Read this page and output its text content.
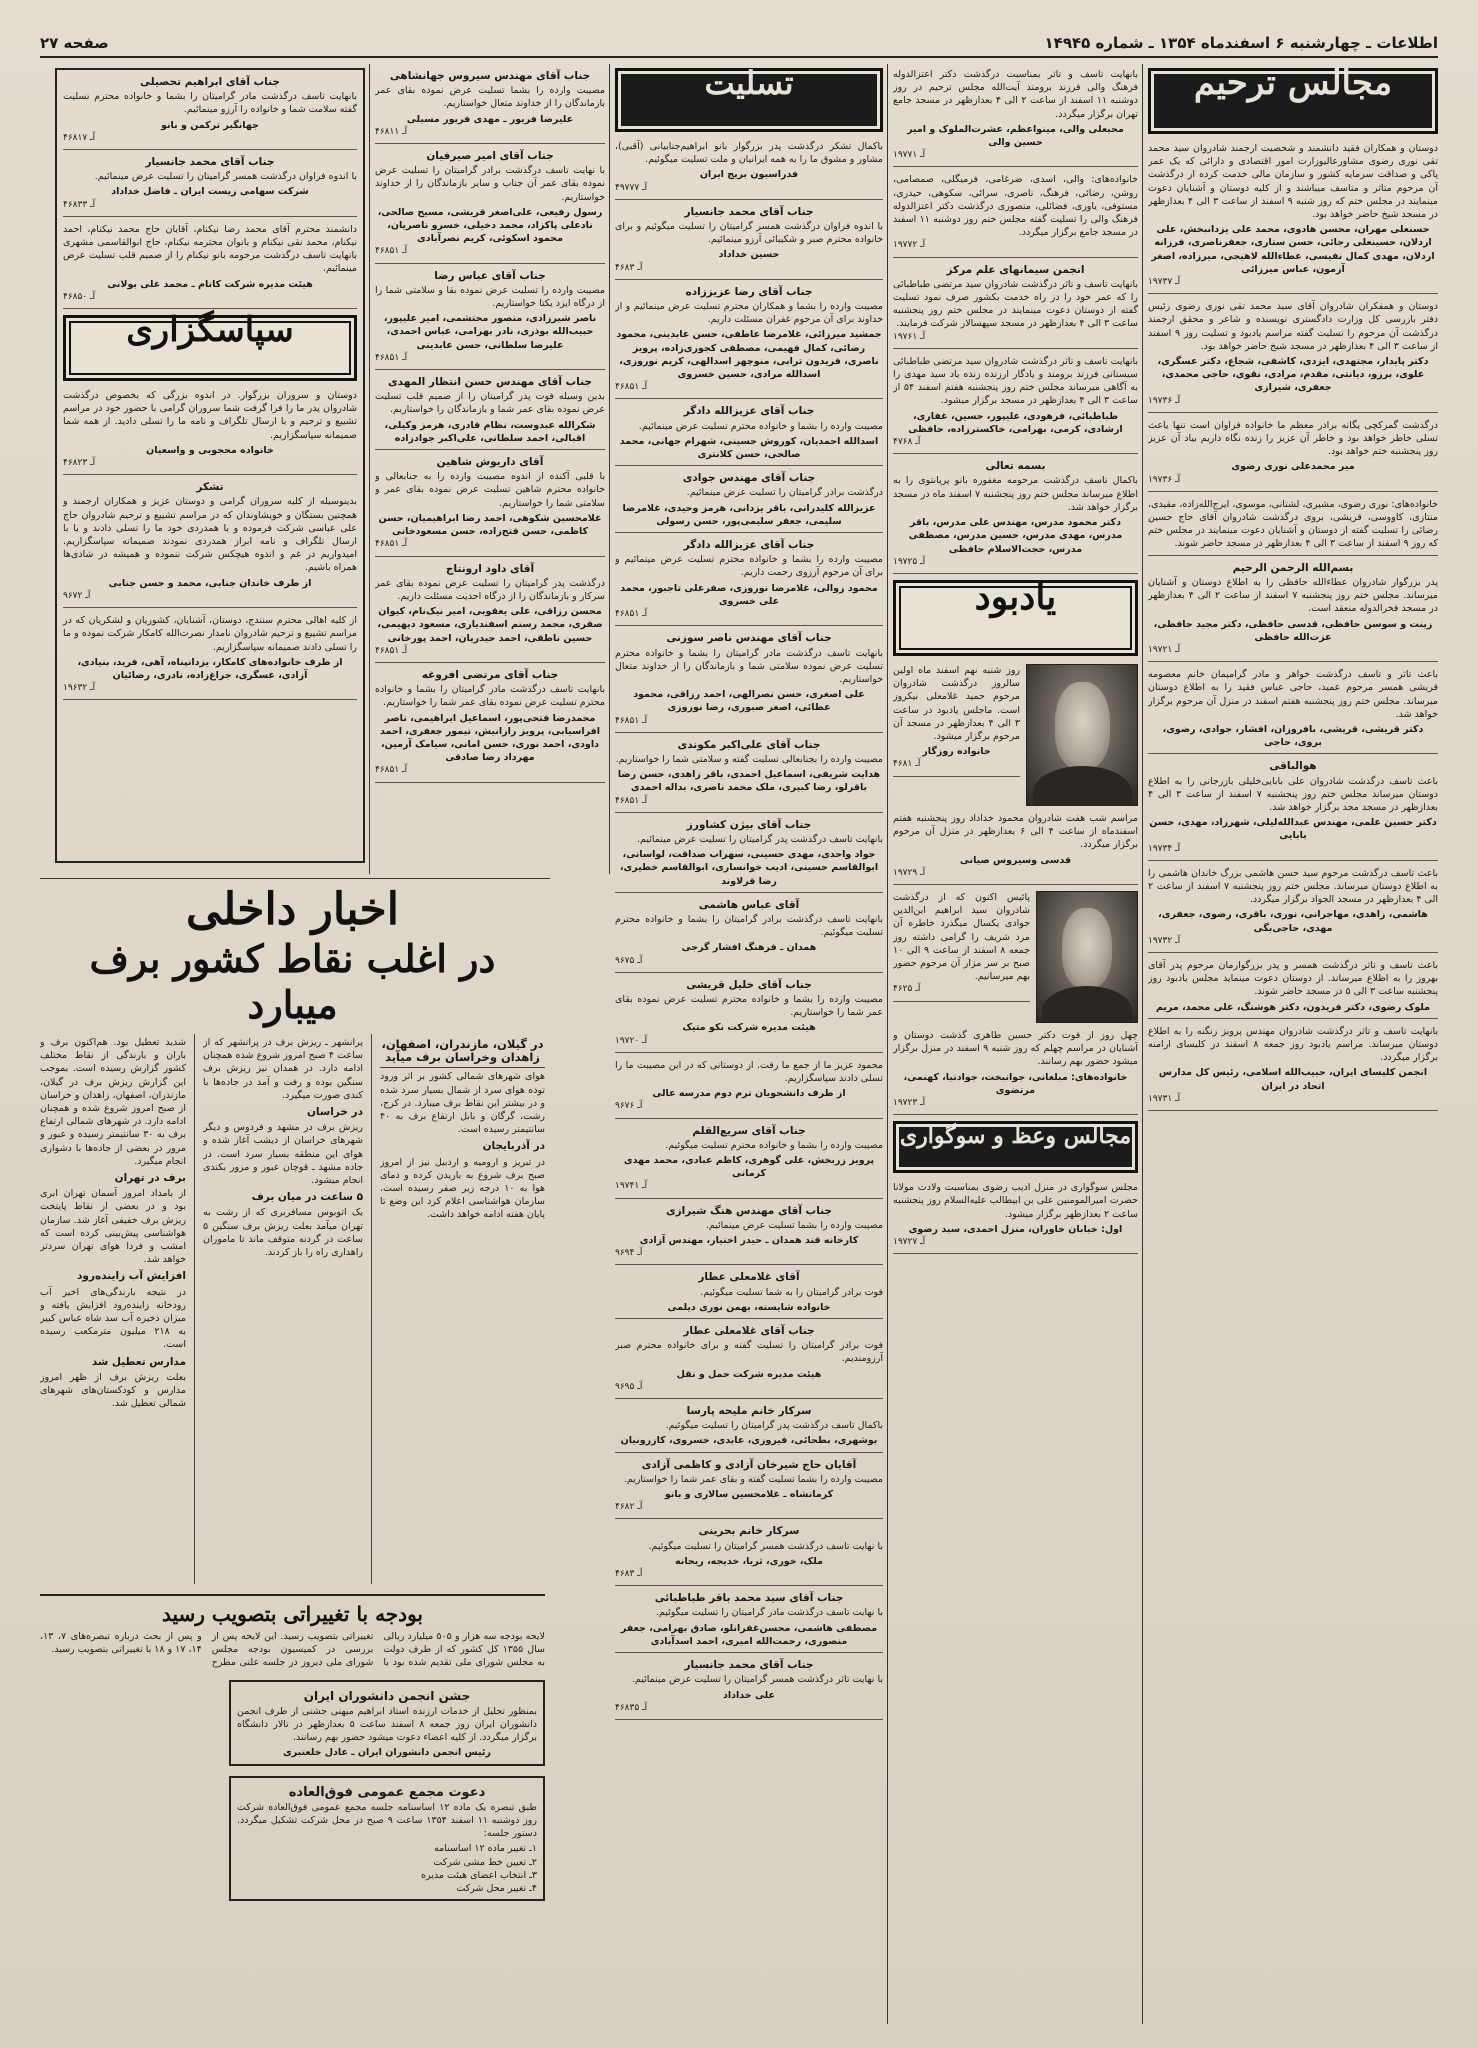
اطلاعات ـ چهارشنبه ۶ اسفندماه ۱۳۵۴ ـ شماره ۱۴۹۴۵
صفحه ۲۷
مجالس ترحیم

دوستان و همکاران فقید دانشمند و شخصیت ارجمند شادروان سید محمد تقی نوری رضوی مشاورعالیوزارت امور اقتصادی و دارائی که یک عمر پاکی و صداقت سرمایه کشور و سازمان مالی خدمت کرده از درگذشت آن مرحوم متاثر و متاسف میباشند و از کلیه دوستان و آشنایان دعوت مینمایند در مجلس ختم که روز شنبه ۹ اسفند از ساعت ۳ الی ۴ بعدازظهر در مسجد شیخ حاضر خواهد بود.

حسنعلی مهران، محسن هادوی، محمد علی یزدانبخش، علی اردلان، حسینعلی رجائی، حسن ستاری، جعفرناصری، فرزانه اردلان، مهدی کمال نفیسی، عطاءالله لاهیجی، میرزاده، اصغر آزمون، عباس میرزائی
آـ ۱۹۷۳۷

دوستان و همفکران شادروان آقای سید محمد تقی نوری رضوی رئیس دفتر بازرسی کل وزارت دادگستری نویسنده و شاعر و محقق ارجمند درگذشت آن مرحوم را تسلیت گفته مراسم یادبود و تسلیت روز ۹ اسفند از ساعت ۳ الی ۴ بعدازظهر در مسجد شیخ حاضر خواهد بود.

دکتر پایدار، مجتهدی، ایزدی، کاشفی، شجاع، دکتر عسگری، علوی، برزو، دیانتی، مقدم، مرادی، نقوی، حاجی محمدی، جعفری، شیرازی
آـ ۱۹۷۳۶

درگذشت گمرکچی یگانه برادر معظم ما خانواده فراوان است تنها یاعث تسلی خاطر خواهد بود و خاطر آن عزیز را زنده نگاه داریم بیاد آن عزیز روز پنجشنبه ختم خواهد بود.

میر محمدعلی نوری رضوی
آـ ۱۹۷۳۶

خانواده‌های: نوری رضوی، مشیری، لشتانی، موسوی، ایرج‌الله‌زاده، مقیدی، منتازی، کاووسی، قریشی، بروی درگذشت شادروان آقای حاج حسین رضائی را تسلیت گفته از دوستان و آشنایان دعوت مینمایند در مجلس ختم که روز ۹ اسفند از ساعت ۳ الی ۴ بعدازظهر در مسجد حاضر شوند.

بسم‌الله الرحمن الرحیم

پدر بزرگوار شادروان عطاءالله حافظی را به اطلاع دوستان و آشنایان میرساند. مجلس ختم روز پنجشنبه ۷ اسفند از ساعت ۲ الی ۴ بعدازظهر در مسجد فخرالدوله منعقد است.

زینت و سوسن حافظی، قدسی حافظی، دکتر مجید حافظی، عزت‌الله حافظی
آـ ۱۹۷۲۱

باعث تاثر و تاسف درگذشت خواهر و مادر گرامیمان خانم معصومه قریشی همسر مرحوم عمید، حاجی عباس فقید را به اطلاع دوستان میرساند. مجلس ختم روز پنجشنبه هفتم اسفند در منزل آن مرحوم برگزار خواهد شد.

دکتر قریشی، قریشی، بافروزان، افشار، جوادی، رضوی، بروی، حاجی
هوالباقی

باعث تاسف درگذشت شادروان علی بابایی‌خلیلی بازرجانی را به اطلاع دوستان میرساند مجلس ختم روز پنجشنبه ۷ اسفند از ساعت ۳ الی ۴ بعدازظهر در مسجد مجد برگزار خواهد شد.

دکتر حسین علمی، مهندس عبدالله‌لیلی، شهرزاد، مهدی، حسن بابایی
آـ ۱۹۷۳۴

باعث تاسف درگذشت مرحوم سید حسن هاشمی بزرگ خاندان هاشمی را به اطلاع دوستان میرساند. مجلس ختم روز پنجشنبه ۷ اسفند از ساعت ۲ الی ۴ بعدازظهر در مسجد الجواد برگزار میگردد.

هاشمی، زاهدی، مهاجرانی، نوری، باقری، رضوی، جعفری، مهدی، حاجی‌بگی
آـ ۱۹۷۳۲

باعث تاسف و تاثر درگذشت همسر و پدر بزرگوارمان مرحوم پدر آقای بهروز را به اطلاع میرساند. از دوستان دعوت مینماید مجلس یادبود روز پنجشنبه ساعت ۳ الی ۵ در مسجد حاضر شوند.

ملوک رضوی، دکتر فریدون، دکتر هوشنگ، علی محمد، مریم

بانهایت تاسف و تاثر درگذشت شادروان مهندس پرویز زنگنه را به اطلاع دوستان میرساند. مراسم یادبود روز جمعه ۸ اسفند در کلیسای ارامنه برگزار میگردد.

انجمن کلیسای ایران، حبیب‌الله اسلامی، رئیس کل مدارس اتحاد در ایران
آـ ۱۹۷۳۱

بانهایت تاسف و تاثر بمناسبت درگذشت دکتر اعتزالدوله فرهنگ والی فرزند برومند آیت‌الله مجلس ترحیم در روز دوشنبه ۱۱ اسفند از ساعت ۲ الی ۴ بعدازظهر در مسجد جامع تهران برگزار میگردد.

محبعلی والی، مینواعظم، عشرت‌الملوک و امیر حسین والی
آـ ۱۹۷۷۱

خانواده‌های: والی، اسدی، ضرغامی، فرمیگلی، صمصامی، روشن، رضائی، فرهنگ، ناصری، سرائی، سکوهی، حیدری، مستوفی، یاوری، فضائلی، منصوری درگذشت دکتر اعتزالدوله فرهنگ والی را تسلیت گفته مجلس ختم روز دوشنبه ۱۱ اسفند در مسجد جامع برگزار میگردد.

آـ ۱۹۷۷۲
انجمن سیمانهای علم مرکز

بانهایت تاسف و تاثر درگذشت شادروان سید مرتضی طباطبائی را که عمر خود را در راه خدمت بکشور صرف نمود تسلیت گفته از دوستان دعوت مینمایند در مجلس ختم روز پنجشنبه ساعت ۳ الی ۴ بعدازظهر در مسجد سپهسالار شرکت فرمایند.

آـ ۱۹۷۶۱

بانهایت تاسف و تاثر درگذشت شادروان سید مرتضی طباطبائی سیستانی فرزند برومند و یادگار ارزنده زنده یاد سید مهدی را به آگاهی میرساند مجلس ختم روز پنجشنبه هفتم اسفند ۵۴ از ساعت ۳ الی ۴ بعدازظهر در مسجد برگزار میشود.

طباطبائی، فرهودی، علیپور، حسین، غفاری، ارشادی، کرمی، بهرامی، خاکسترزاده، حافظی
آـ ۴۷۶۸
بسمه تعالی

باکمال تاسف درگذشت مرحومه مغفوره بانو پریانتوی را به اطلاع میرساند مجلس ختم روز پنجشنبه ۷ اسفند ماه در مسجد برگزار خواهد شد.

دکتر محمود مدرس، مهندس علی مدرس، باقر مدرس، مهدی مدرس، حسین مدرس، مصطفی مدرس، حجت‌الاسلام حافظی
آـ ۱۹۷۲۵
یادبود

روز شنبه نهم اسفند ماه اولین سالروز درگذشت شادروان مرحوم حمید غلامعلی نیکروز است. ماجلس یادبود در ساعت ۳ الی ۴ بعدازظهر در مسجد آن مرحوم برگزار میشود.

خانواده روزگار
آـ ۴۶۸۱

مراسم شب هفت شادروان محمود خداداد روز پنجشنبه هفتم اسفندماه از ساعت ۴ الی ۶ بعدازظهر در منزل آن مرحوم برگزار میگردد.

قدسی وسیروس صیانی
آـ ۱۹۷۲۹

پائیس اکنون که از درگذشت شادروان سید ابراهیم ابن‌الدین جوادی یکسال میگذرد خاطره آن مرد شریف را گرامی داشته روز جمعه ۸ اسفند از ساعت ۹ الی ۱۰ صبح بر سر مزار آن مرحوم حضور بهم میرسانیم.

آـ ۴۶۲۵

چهل روز از فوت دکتر حسین طاهری گذشت دوستان و آشنایان در مراسم چهلم که روز شنبه ۹ اسفند در منزل برگزار میشود حضور بهم رسانند.

خانواده‌های: مبلغانی، جوانبخت، جوادنیا، کهنمی، مرتضوی
آـ ۱۹۷۲۳
مجالس وعظ و سوگواری

مجلس سوگواری در منزل ادیب رضوی بمناسبت ولادت مولانا حضرت امیرالمومنین علی بن ابیطالب علیه‌السلام روز پنجشنبه ساعت ۲ بعدازظهر برگزار میشود.

اول: خیابان خاوران، منزل احمدی، سید رضوی
آـ ۱۹۷۲۷
تسلیت

باکمال تشکر درگذشت پدر بزرگوار بانو ابراهیم‌جنابیانی (آقبی)، مشاور و مشوق ما را به همه ایرانیان و ملت تسلیت میگوئیم.

فدراسیون بریج ایران
آـ ۴۹۷۷۷
جناب آقای محمد جانسیار

با اندوه فراوان درگذشت همسر گرامیتان را تسلیت میگوئیم و برای خانواده محترم صبر و شکیبائی آرزو مینمائیم.

حسین خداداد
آـ ۴۶۸۳
جناب آقای رضا عزیززاده

مصیبت وارده را بشما و همکاران محترم تسلیت عرض مینمائیم و از خداوند برای آن مرحوم غفران مسئلت داریم.

جمشید میرزائی، غلامرضا عاطفی، حسن عابدینی، محمود رضائی، کمال فهیمی، مصطفی کجوری‌زاده، پرویز ناصری، فریدون ترابی، منوچهر اسدالهی، کریم نوروزی، اسدالله مرادی، حسین خسروی
آـ ۴۶۸۵۱
جناب آقای عزیزالله دادگر

مصیبت وارده را بشما و خانواده محترم تسلیت عرض مینمائیم.

اسدالله احمدیان، کوروش حسینی، شهرام جهانی، محمد صالحی، حسن کلانتری
جناب آقای مهندس جوادی

درگذشت برادر گرامیتان را تسلیت عرض مینمائیم.

عزیزالله کلیدرانی، باقر یزدانی، هرمز وحیدی، غلامرضا سلیمی، جعفر سلیمی‌پور، حسن رسولی
جناب آقای عزیزالله دادگر

مصیبت وارده را بشما و خانواده محترم تسلیت عرض مینمائیم و برای آن مرحوم آرزوی رحمت داریم.

محمود زوالی، غلامرضا نوروزی، صفرعلی تاجبور، محمد علی خسروی
آـ ۴۶۸۵۱
جناب آقای مهندس ناصر سوزنی

بانهایت تاسف درگذشت مادر گرامیتان را بشما و خانواده محترم تسلیت عرض نموده سلامتی شما و بازماندگان را از خداوند متعال خواستاریم.

علی اصغری، حسن نصرالهی، احمد رزاقی، محمود عطائی، اصغر صبوری، رضا نوروزی
آـ ۴۶۸۵۱
جناب آقای علی‌اکبر مکوندی

مصیبت وارده را بجنابعالی تسلیت گفته و سلامتی شما را خواستاریم.

هدایت شریفی، اسماعیل احمدی، باقر زاهدی، حسن رضا باقرلو، رضا کبیری، ملک محمد ناصری، بداله احمدی
آـ ۴۶۸۵۱
جناب آقای بیژن کشاورز

بانهایت تاسف درگذشت پدر گرامیتان را تسلیت عرض مینمائیم.

جواد واحدی، مهدی حسینی، سهراب صداقت، لواسانی، ابوالقاسم حسینی، ادیب خوانساری، ابوالقاسم خطیری، رضا قرلاوند
آقای عباس هاشمی

بانهایت تاسف درگذشت برادر گرامیتان را بشما و خانواده محترم تسلیت میگوئیم.

همدان ـ فرهنگ افشار گرجی
آـ ۹۶۷۵
جناب آقای خلیل قریشی

مصیبت وارده را بشما و خانواده محترم تسلیت عرض نموده بقای عمر شما را خواستاریم.

هیئت مدیره شرکت نکو متیک
آـ ۱۹۷۲۰

محمود عزیز ما از جمع ما رفت. از دوستانی که در این مصیبت ما را تسلی دادند سپاسگزاریم.

از طرف دانشجویان ترم دوم مدرسه عالی
آـ ۹۶۷۶
جناب آقای سریع‌القلم

مصیبت وارده را بشما و خانواده محترم تسلیت میگوئیم.

پرویز زربخش، علی گوهری، کاظم عبادی، محمد مهدی کرمانی
آـ ۱۹۷۴۱
جناب آقای مهندس هنگ شیرازی

مصیبت وارده را بشما تسلیت عرض مینمائیم.

کارخانه قند همدان ـ حیدر اختیار، مهندس آزادی
آـ ۹۶۹۴
آقای غلامعلی عطار

فوت برادر گرامیتان را به شما تسلیت میگوئیم.

خانواده شایسته، بهمن نوری دیلمی
جناب آقای غلامعلی عطار

فوت برادر گرامیتان را تسلیت گفته و برای خانواده محترم صبر آرزومندیم.

هیئت مدیره شرکت حمل و نقل
آـ ۹۶۹۵
سرکار خانم ملیحه پارسا

باکمال تاسف درگذشت پدر گرامیتان را تسلیت میگوئیم.

بوشهری، بطحائی، فیروزی، عابدی، خسروی، کازرونیان
آقایان حاج شیرخان آزادی و کاظمی آزادی

مصیبت وارده را بشما تسلیت گفته و بقای عمر شما را خواستاریم.

کرمانشاه ـ غلامحسین سالاری و بانو
آـ ۴۶۸۲
سرکار خانم بحرینی

با نهایت تاسف درگذشت همسر گرامیتان را تسلیت میگوئیم.

ملک، خوری، ثریا، خدیجه، ریحانه
آـ ۴۶۸۳
جناب آقای سید محمد باقر طباطبائی

با نهایت تاسف درگذشت مادر گرامیتان را تسلیت میگوئیم.

مصطفی هاشمی، محسن‌غفرانلو، صادق بهرامی، جعفر منصوری، رحمت‌الله امیری، احمد اسدآبادی
جناب آقای محمد جانسیار

با نهایت تاثر درگذشت همسر گرامیتان را تسلیت عرض مینمائیم.

علی خداداد
آـ ۴۶۸۳۵
جناب آقای مهندس سیروس جهانشاهی

مصیبت وارده را بشما تسلیت عرض نموده بقای عمر بازماندگان را از خداوند متعال خواستاریم.

علیرضا فریور ـ مهدی فریور مسیلی
آـ ۴۶۸۱۱
جناب آقای امیر صیرفیان

با نهایت تاسف درگذشت برادر گرامیتان را تسلیت عرض نموده بقای عمر آن جناب و سایر بازماندگان را از خداوند خواستاریم.

رسول رفیعی، علی‌اصغر قریشی، مسیح صالحی، نادعلی پاکزاد، محمد دخیلی، خسرو ناصریان، محمود اسکوئی، کریم نصرآبادی
آـ ۴۶۸۵۱
جناب آقای عباس رضا

مصیبت وارده را تسلیت عرض نموده بقا و سلامتی شما را از درگاه ایزد یکتا خواستاریم.

ناصر شیرزادی، منصور محتشمی، امیر علیپور، حبیب‌الله بوذری، نادر بهرامی، عباس احمدی، علیرضا سلطانی، حسن عابدینی
آـ ۴۶۸۵۱
جناب آقای مهندس حسن انتظار المهدی

بدین وسیله فوت پدر گرامیتان را از صمیم قلب تسلیت عرض نموده بقای عمر شما و بازماندگان را خواستاریم.

شکرالله عبدوست، نظام قادری، هرمز وکیلی، اقبالی، احمد سلطانی، علی‌اکبر جوادزاده
آقای داریوش شاهین

با قلبی آکنده از اندوه مصیبت وارده را به جنابعالی و خانواده محترم شاهین تسلیت عرض نموده بقای عمر و سلامتی شما را خواستاریم.

غلامحسین شکوهی، احمد رضا ابراهیمیان، حسن کاظمی، حسن فتح‌زاده، حسن مسعودخانی
آـ ۴۶۸۵۱
آقای داود ارونتاج

درگذشت پدر گرامیتان را تسلیت عرض نموده بقای عمر سرکار و بازماندگان را از درگاه احدیت مسئلت داریم.

محسن رزاقی، علی یعقوبی، امیر نیک‌نام، کیوان صفری، محمد رستم اسفندیاری، مسعود دیهیمی، حسین ناطقی، احمد حیدریان، احمد پورخانی
آـ ۴۶۸۵۱
جناب آقای مرتضی افروغه

بانهایت تاسف درگذشت مادر گرامیتان را بشما و خانواده محترم تسلیت عرض نموده بقای عمر شما را خواستاریم.

محمدرضا فتحی‌پور، اسماعیل ابراهیمی، ناصر افراسیابی، پرویز رازانیش، تیمور جعفری، احمد داودی، احمد نوری، حسن امانی، سیامک آرمین، مهرداد رضا صادقی
آـ ۴۶۸۵۱
جناب آقای ابراهیم تحصیلی

بانهایت تاسف درگذشت مادر گرامیتان را بشما و خانواده محترم تسلیت گفته سلامت شما و خانواده را آرزو مینمائیم.

جهانگیر ترکمن و بانو
آـ ۴۶۸۱۷
جناب آقای محمد جانسیار

با اندوه فراوان درگذشت همسر گرامیتان را تسلیت عرض مینمائیم.

شرکت سهامی زیست ایران ـ فاضل خداداد
آـ ۴۶۸۳۳

دانشمند محترم آقای محمد رضا نیکنام، آقایان حاج محمد نیکنام، احمد نیکنام، محمد نقی نیکنام و بانوان محترمه نیکنام، حاج ابوالقاسمی مشهری بانهایت تاسف درگذشت مرحومه بانو نیکنام را از صمیم قلب تسلیت عرض مینمائیم.

هیئت مدیره شرکت کاتام ـ محمد علی بولانی
آـ ۴۶۸۵۰
سپاسگزاری

دوستان و سروران بزرگوار. در اندوه بزرگی که بخصوص درگذشت شادروان پدر ما را فرا گرفت شما سروران گرامی با حضور خود در مراسم تشییع و ترحیم و با ارسال تلگراف و نامه ما را تسلی دادید. از همه شما صمیمانه سپاسگزاریم.

خانواده محجوبی و واسعیان
آـ ۴۶۸۲۳
تشکر

بدینوسیله از کلیه سروران گرامی و دوستان عزیز و همکاران ارجمند و همچنین بستگان و خویشاوندان که در مراسم تشییع و ترحیم شادروان حاج علی عباسی شرکت فرموده و با همدردی خود ما را تسلی دادند و یا با ارسال تلگراف و نامه ابراز همدردی نمودند صمیمانه سپاسگزاریم. امیدواریم در غم و اندوه هیچکس شرکت ننموده و همیشه در شادی‌ها همراه باشیم.

از طرف خاندان جنابی، محمد و حسن جنابی
آـ ۹۶۷۲

از کلیه اهالی محترم سنندج، دوستان، آشنایان، کشوریان و لشکریان که در مراسم تشییع و ترحیم شادروان نامدار نصرت‌الله کامکار شرکت نموده و ما را تسلی دادند صمیمانه سپاسگزاریم.

از طرف خانواده‌های کامکار، یزدانپناه، آهی، فرید، بنیادی، آزادی، عسگری، جراغ‌زاده، نادری، رضائیان
آـ ۱۹۶۳۲
اخبار داخلی
در اغلب نقاط کشور برف میبارد
در گیلان، مازندران، اصفهان، زاهدان وخراسان برف میآید

هوای شهرهای شمالی کشور بر اثر ورود توده هوای سرد از شمال بسیار سرد شده و در بیشتر این نقاط برف میبارد. در کرج، رشت، گرگان و بابل ارتفاع برف به ۴۰ سانتیمتر رسیده است.

در آذربایجان

در تبریز و ارومیه و اردبیل نیز از امروز صبح برف شروع به باریدن کرده و دمای هوا به ۱۰ درجه زیر صفر رسیده است. سازمان هواشناسی اعلام کرد این وضع تا پایان هفته ادامه خواهد داشت.

پرانشهر ـ ریزش برف در پرانشهر که از ساعت ۴ صبح امروز شروع شده همچنان ادامه دارد. در همدان نیز ریزش برف سنگین بوده و رفت و آمد در جاده‌ها با کندی صورت میگیرد.

در خراسان

ریزش برف در مشهد و فردوس و دیگر شهرهای خراسان از دیشب آغاز شده و هوای این منطقه بسیار سرد است. در جاده مشهد ـ قوچان عبور و مرور بکندی انجام میشود.

۵ ساعت در میان برف

یک اتوبوس مسافربری که از رشت به تهران میآمد بعلت ریزش برف سنگین ۵ ساعت در گردنه متوقف ماند تا ماموران راهداری راه را باز کردند.

شدید تعطیل بود. هم‌اکنون برف و باران و بارندگی از نقاط مختلف کشور گزارش رسیده است. بموجب این گزارش ریزش برف در گیلان، مازندران، اصفهان، زاهدان و خراسان از صبح امروز شروع شده و همچنان ادامه دارد. در شهرهای شمالی ارتفاع برف به ۳۰ سانتیمتر رسیده و عبور و مرور در بعضی از جاده‌ها با دشواری انجام میگیرد.

برف در تهران

از بامداد امروز آسمان تهران ابری بود و در بعضی از نقاط پایتخت ریزش برف خفیفی آغاز شد. سازمان هواشناسی پیش‌بینی کرده است که امشب و فردا هوای تهران سردتر خواهد شد.

افزایش آب زاینده‌رود

در نتیجه بارندگی‌های اخیر آب رودخانه زاینده‌رود افزایش یافته و میزان ذخیره آب سد شاه عباس کبیر به ۲۱۸ میلیون مترمکعب رسیده است.

مدارس تعطیل شد

بعلت ریزش برف از ظهر امروز مدارس و کودکستان‌های شهرهای شمالی تعطیل شد.

بودجه با تغییراتی بتصویب رسید

لایحه بودجه سه هزار و ۵۰۵ میلیارد ریالی سال ۱۳۵۵ کل کشور که از طرف دولت به مجلس شورای ملی تقدیم شده بود با تغییراتی بتصویب رسید. این لایحه پس از بررسی در کمیسیون بودجه مجلس شورای ملی دیروز در جلسه علنی مطرح و پس از بحث درباره تبصره‌های ۷، ۱۳، ۱۴، ۱۷ و ۱۸ با تغییراتی بتصویب رسید.

جشن انجمن دانشوران ایران

بمنظور تجلیل از خدمات ارزنده استاد ابراهیم میهنی جشنی از طرف انجمن دانشوران ایران روز جمعه ۸ اسفند ساعت ۵ بعدازظهر در تالار دانشگاه برگزار میگردد. از کلیه اعضاء دعوت میشود حضور بهم رسانند.

رئیس انجمن دانشوران ایران ـ عادل خلعتبری
دعوت مجمع عمومی فوق‌العاده

طبق تبصره یک ماده ۱۲ اساسنامه جلسه مجمع عمومی فوق‌العاده شرکت روز دوشنبه ۱۱ اسفند ۱۳۵۴ ساعت ۹ صبح در محل شرکت تشکیل میگردد. دستور جلسه:

۱ـ تغییر ماده ۱۲ اساسنامه
۲ـ تعیین خط مشی شرکت
۳ـ انتخاب اعضای هیئت مدیره
۴ـ تغییر محل شرکت
